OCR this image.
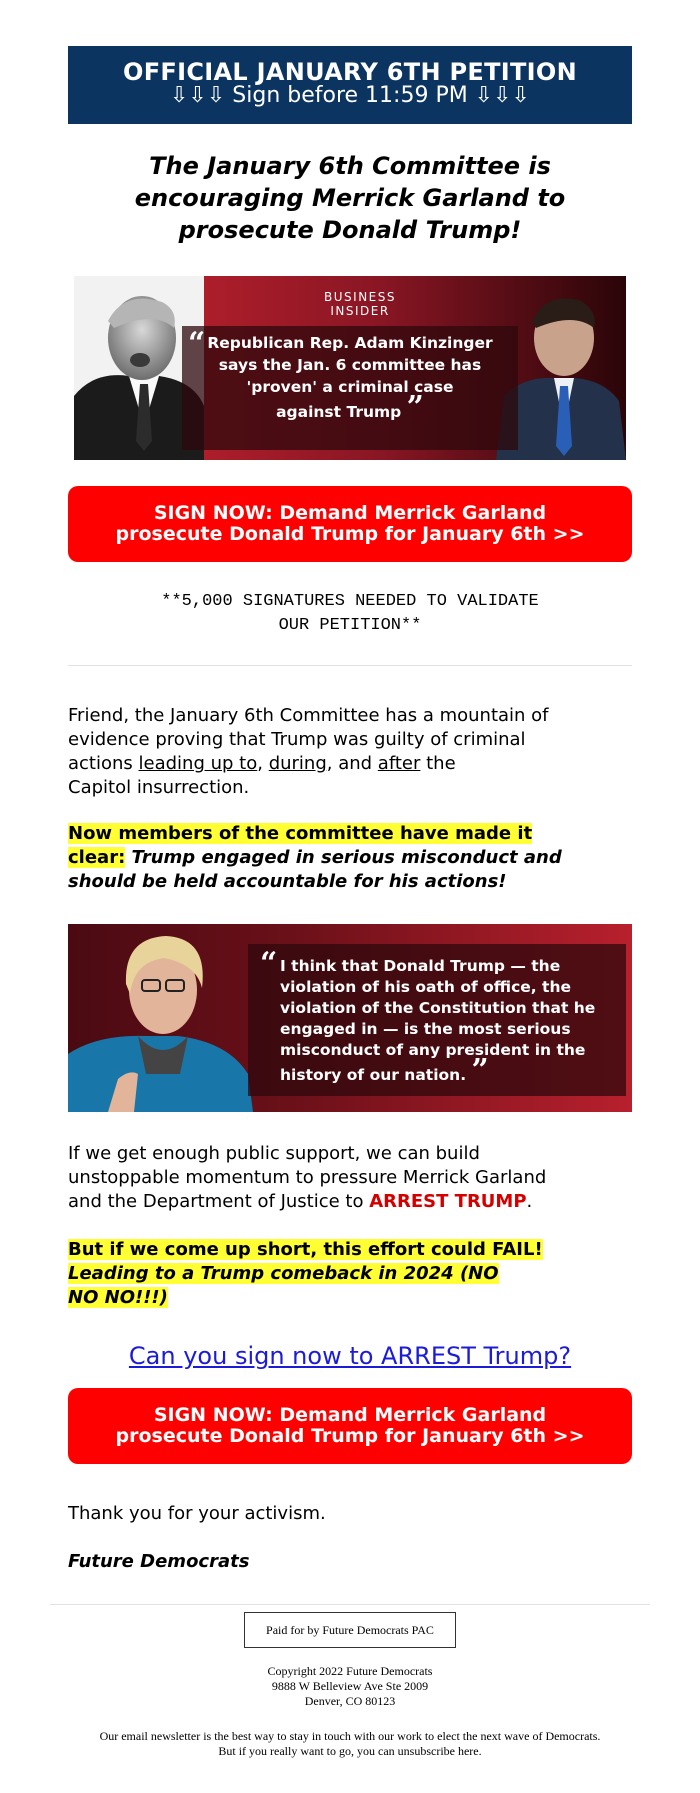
OFFICIAL JANUARY 6TH PETITION
⇩⇩⇩ Sign before 11:59 PM ⇩⇩⇩
The January 6th Committee is
encouraging Merrick Garland to
prosecute Donald Trump!
BUSINESS
INSIDER
“ Republican Rep. Adam Kinzinger
says the Jan. 6 committee has
'proven' a criminal case
against Trump ”
SIGN NOW: Demand Merrick Garland
prosecute Donald Trump for January 6th >>
**5,000 SIGNATURES NEEDED TO VALIDATE
OUR PETITION**
Friend, the January 6th Committee has a mountain of
evidence proving that Trump was guilty of criminal
actions leading up to, during, and after the
Capitol insurrection.
Now members of the committee have made it
clear: Trump engaged in serious misconduct and
should be held accountable for his actions!
“ I think that Donald Trump — the
violation of his oath of office, the
violation of the Constitution that he
engaged in — is the most serious
misconduct of any president in the
history of our nation. ”
If we get enough public support, we can build
unstoppable momentum to pressure Merrick Garland
and the Department of Justice to ARREST TRUMP.
But if we come up short, this effort could FAIL!
Leading to a Trump comeback in 2024 (NO
NO NO!!!)
Can you sign now to ARREST Trump?
SIGN NOW: Demand Merrick Garland
prosecute Donald Trump for January 6th >>
Thank you for your activism.
Future Democrats
Paid for by Future Democrats PAC
Copyright 2022 Future Democrats
9888 W Belleview Ave Ste 2009
Denver, CO 80123
Our email newsletter is the best way to stay in touch with our work to elect the next wave of Democrats.
But if you really want to go, you can unsubscribe here.
